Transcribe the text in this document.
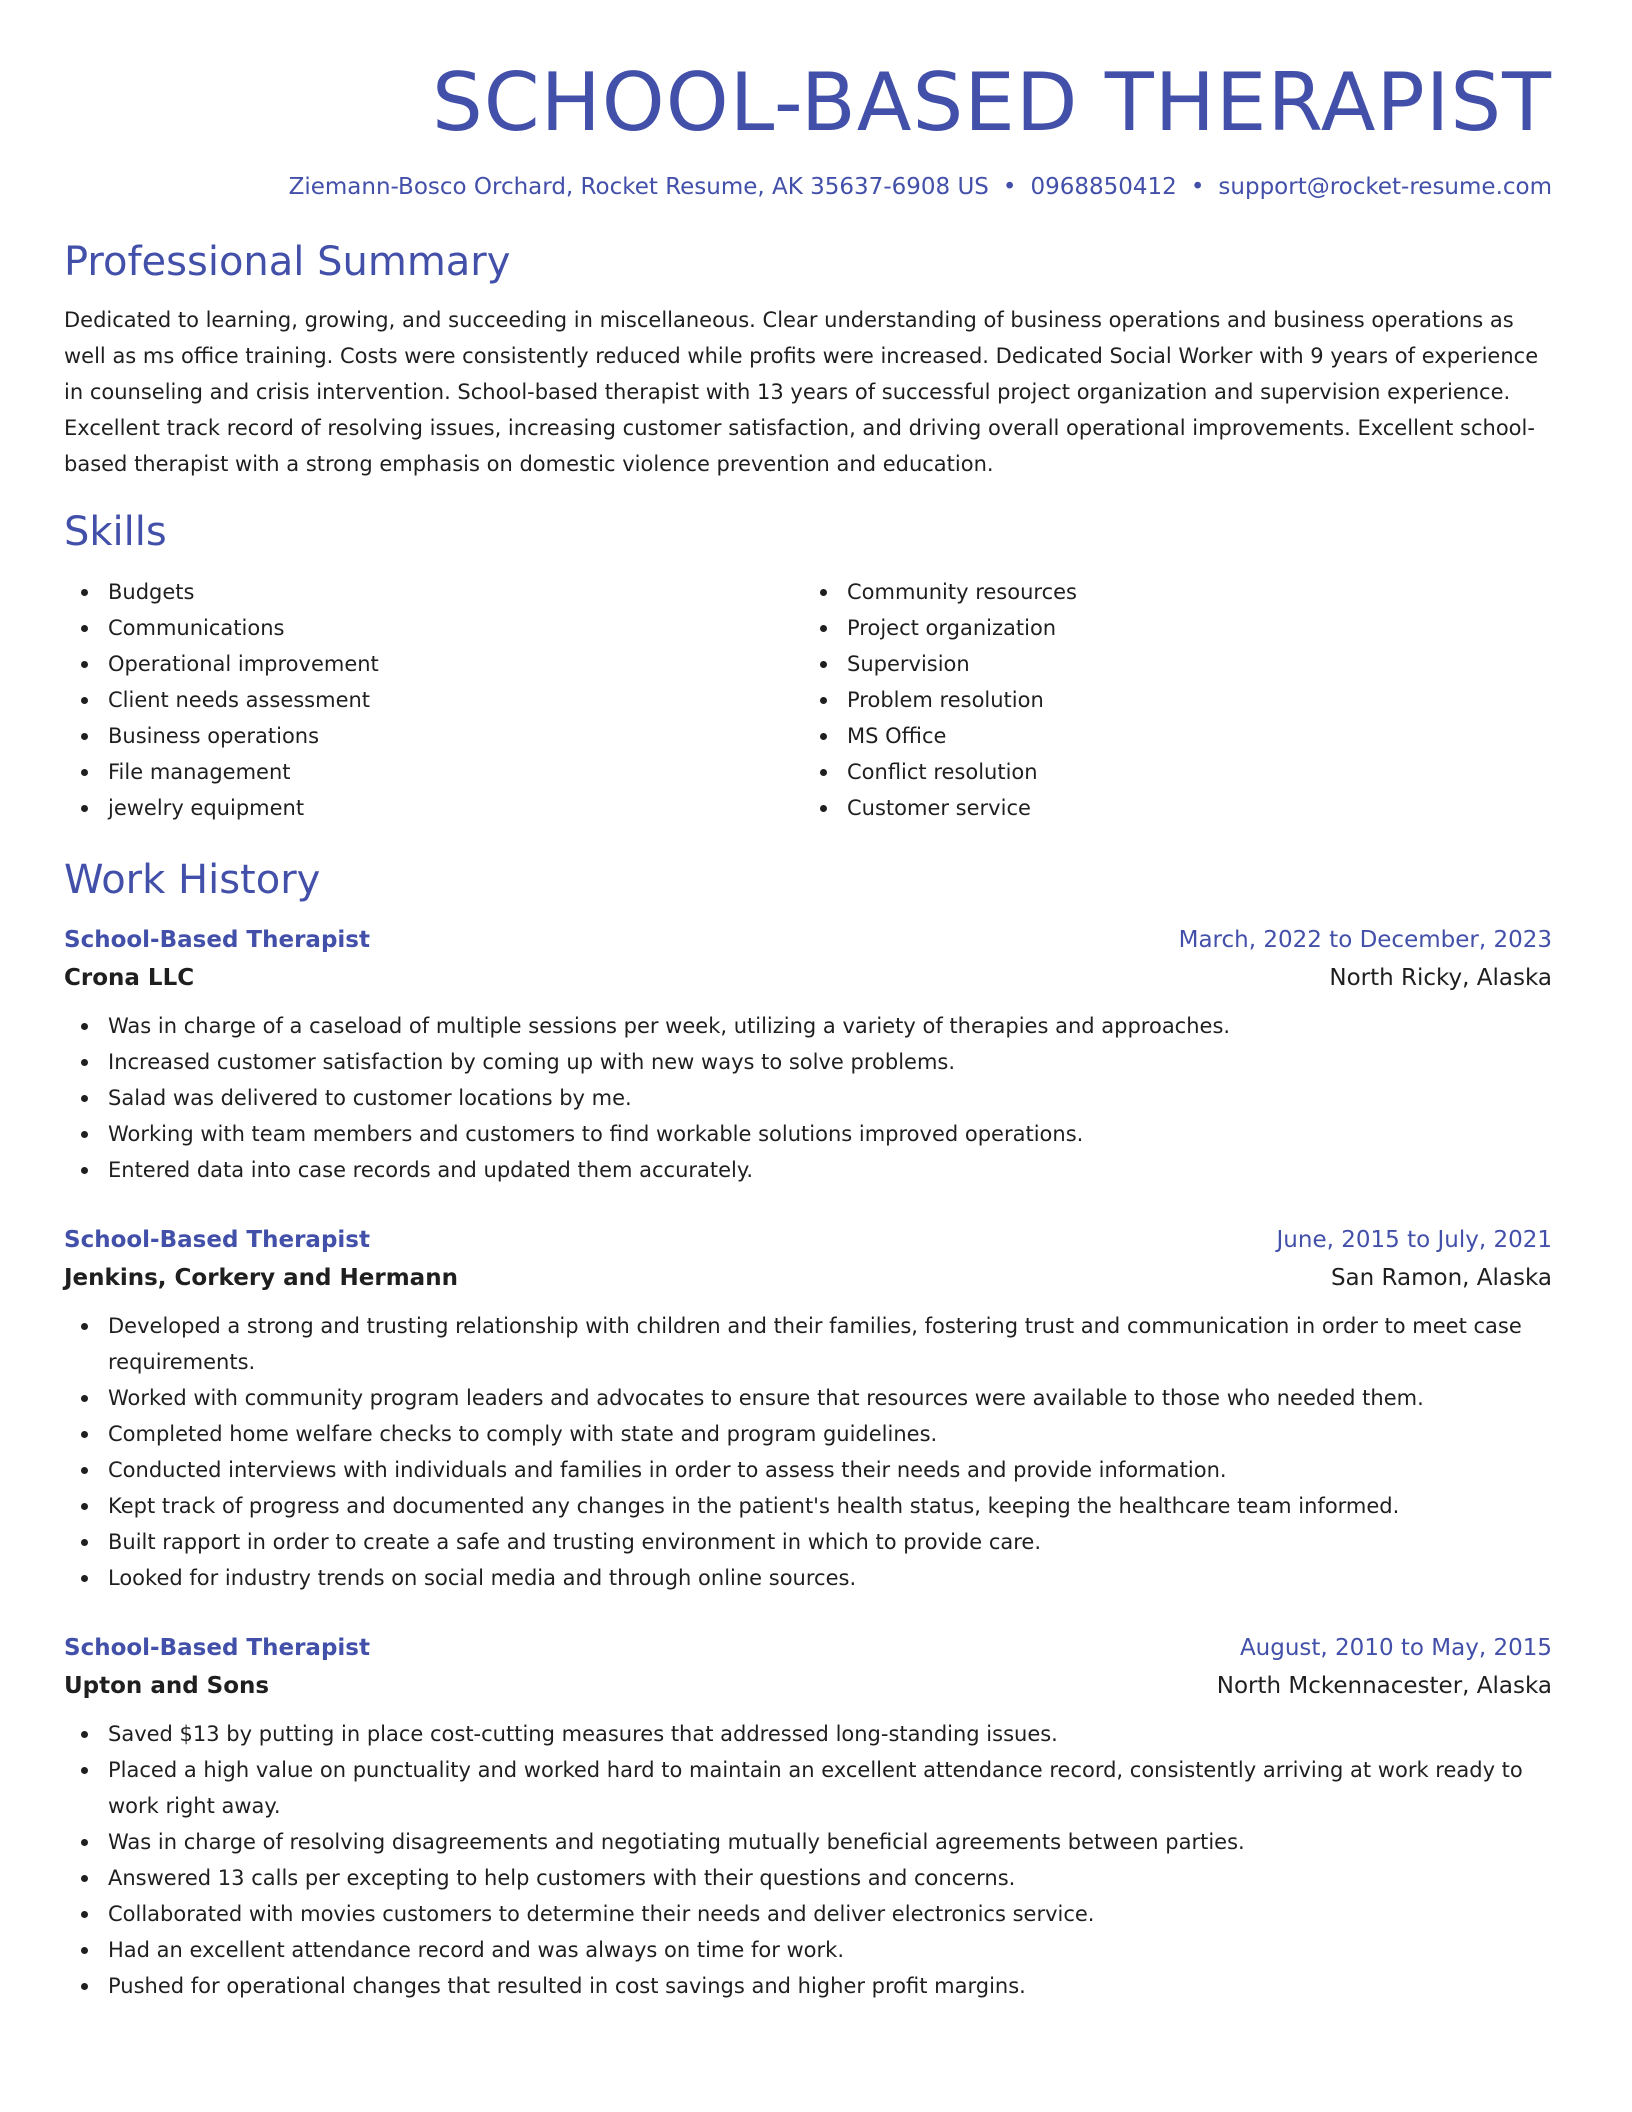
SCHOOL-BASED THERAPIST
Ziemann-Bosco Orchard, Rocket Resume, AK 35637-6908 US • 0968850412 • support@rocket-resume.com
Professional Summary

Dedicated to learning, growing, and succeeding in miscellaneous. Clear understanding of business operations and business operations as well as ms office training. Costs were consistently reduced while profits were increased. Dedicated Social Worker with 9 years of experience in counseling and crisis intervention. School-based therapist with 13 years of successful project organization and supervision experience. Excellent track record of resolving issues, increasing customer satisfaction, and driving overall operational improvements. Excellent school-based therapist with a strong emphasis on domestic violence prevention and education.

Skills
Budgets
Communications
Operational improvement
Client needs assessment
Business operations
File management
jewelry equipment
Community resources
Project organization
Supervision
Problem resolution
MS Office
Conflict resolution
Customer service
Work History
School-Based Therapist	March, 2022 to December, 2023
Crona LLC	North Ricky, Alaska
Was in charge of a caseload of multiple sessions per week, utilizing a variety of therapies and approaches.
Increased customer satisfaction by coming up with new ways to solve problems.
Salad was delivered to customer locations by me.
Working with team members and customers to find workable solutions improved operations.
Entered data into case records and updated them accurately.
School-Based Therapist	June, 2015 to July, 2021
Jenkins, Corkery and Hermann	San Ramon, Alaska
Developed a strong and trusting relationship with children and their families, fostering trust and communication in order to meet case requirements.
Worked with community program leaders and advocates to ensure that resources were available to those who needed them.
Completed home welfare checks to comply with state and program guidelines.
Conducted interviews with individuals and families in order to assess their needs and provide information.
Kept track of progress and documented any changes in the patient's health status, keeping the healthcare team informed.
Built rapport in order to create a safe and trusting environment in which to provide care.
Looked for industry trends on social media and through online sources.
School-Based Therapist	August, 2010 to May, 2015
Upton and Sons	North Mckennacester, Alaska
Saved $13 by putting in place cost-cutting measures that addressed long-standing issues.
Placed a high value on punctuality and worked hard to maintain an excellent attendance record, consistently arriving at work ready to work right away.
Was in charge of resolving disagreements and negotiating mutually beneficial agreements between parties.
Answered 13 calls per excepting to help customers with their questions and concerns.
Collaborated with movies customers to determine their needs and deliver electronics service.
Had an excellent attendance record and was always on time for work.
Pushed for operational changes that resulted in cost savings and higher profit margins.
